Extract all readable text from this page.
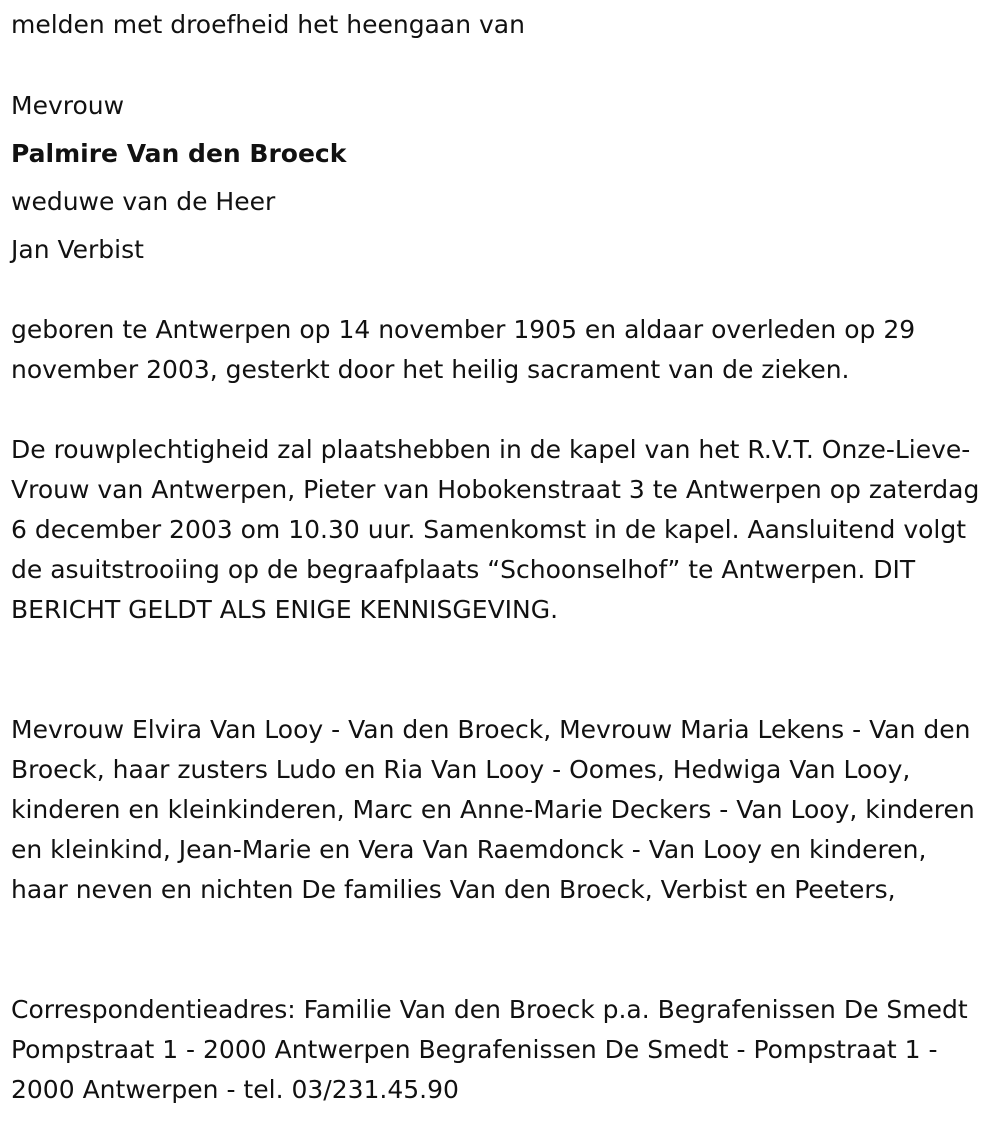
melden met droefheid het heengaan van

Mevrouw

Palmire Van den Broeck

weduwe van de Heer

Jan Verbist

geboren te Antwerpen op 14 november 1905 en aldaar overleden op 29 november 2003, gesterkt door het heilig sacrament van de zieken.

De rouwplechtigheid zal plaatshebben in de kapel van het R.V.T. Onze-Lieve-Vrouw van Antwerpen, Pieter van Hobokenstraat 3 te Antwerpen op zaterdag 6 december 2003 om 10.30 uur. Samenkomst in de kapel. Aansluitend volgt de asuitstrooiing op de begraafplaats “Schoonselhof” te Antwerpen. DIT BERICHT GELDT ALS ENIGE KENNISGEVING.

Mevrouw Elvira Van Looy - Van den Broeck, Mevrouw Maria Lekens - Van den Broeck, haar zusters Ludo en Ria Van Looy - Oomes, Hedwiga Van Looy, kinderen en kleinkinderen, Marc en Anne-Marie Deckers - Van Looy, kinderen en kleinkind, Jean-Marie en Vera Van Raemdonck - Van Looy en kinderen, haar neven en nichten De families Van den Broeck, Verbist en Peeters,

Correspondentieadres: Familie Van den Broeck p.a. Begrafenissen De Smedt Pompstraat 1 - 2000 Antwerpen Begrafenissen De Smedt - Pompstraat 1 - 2000 Antwerpen - tel. 03/231.45.90
